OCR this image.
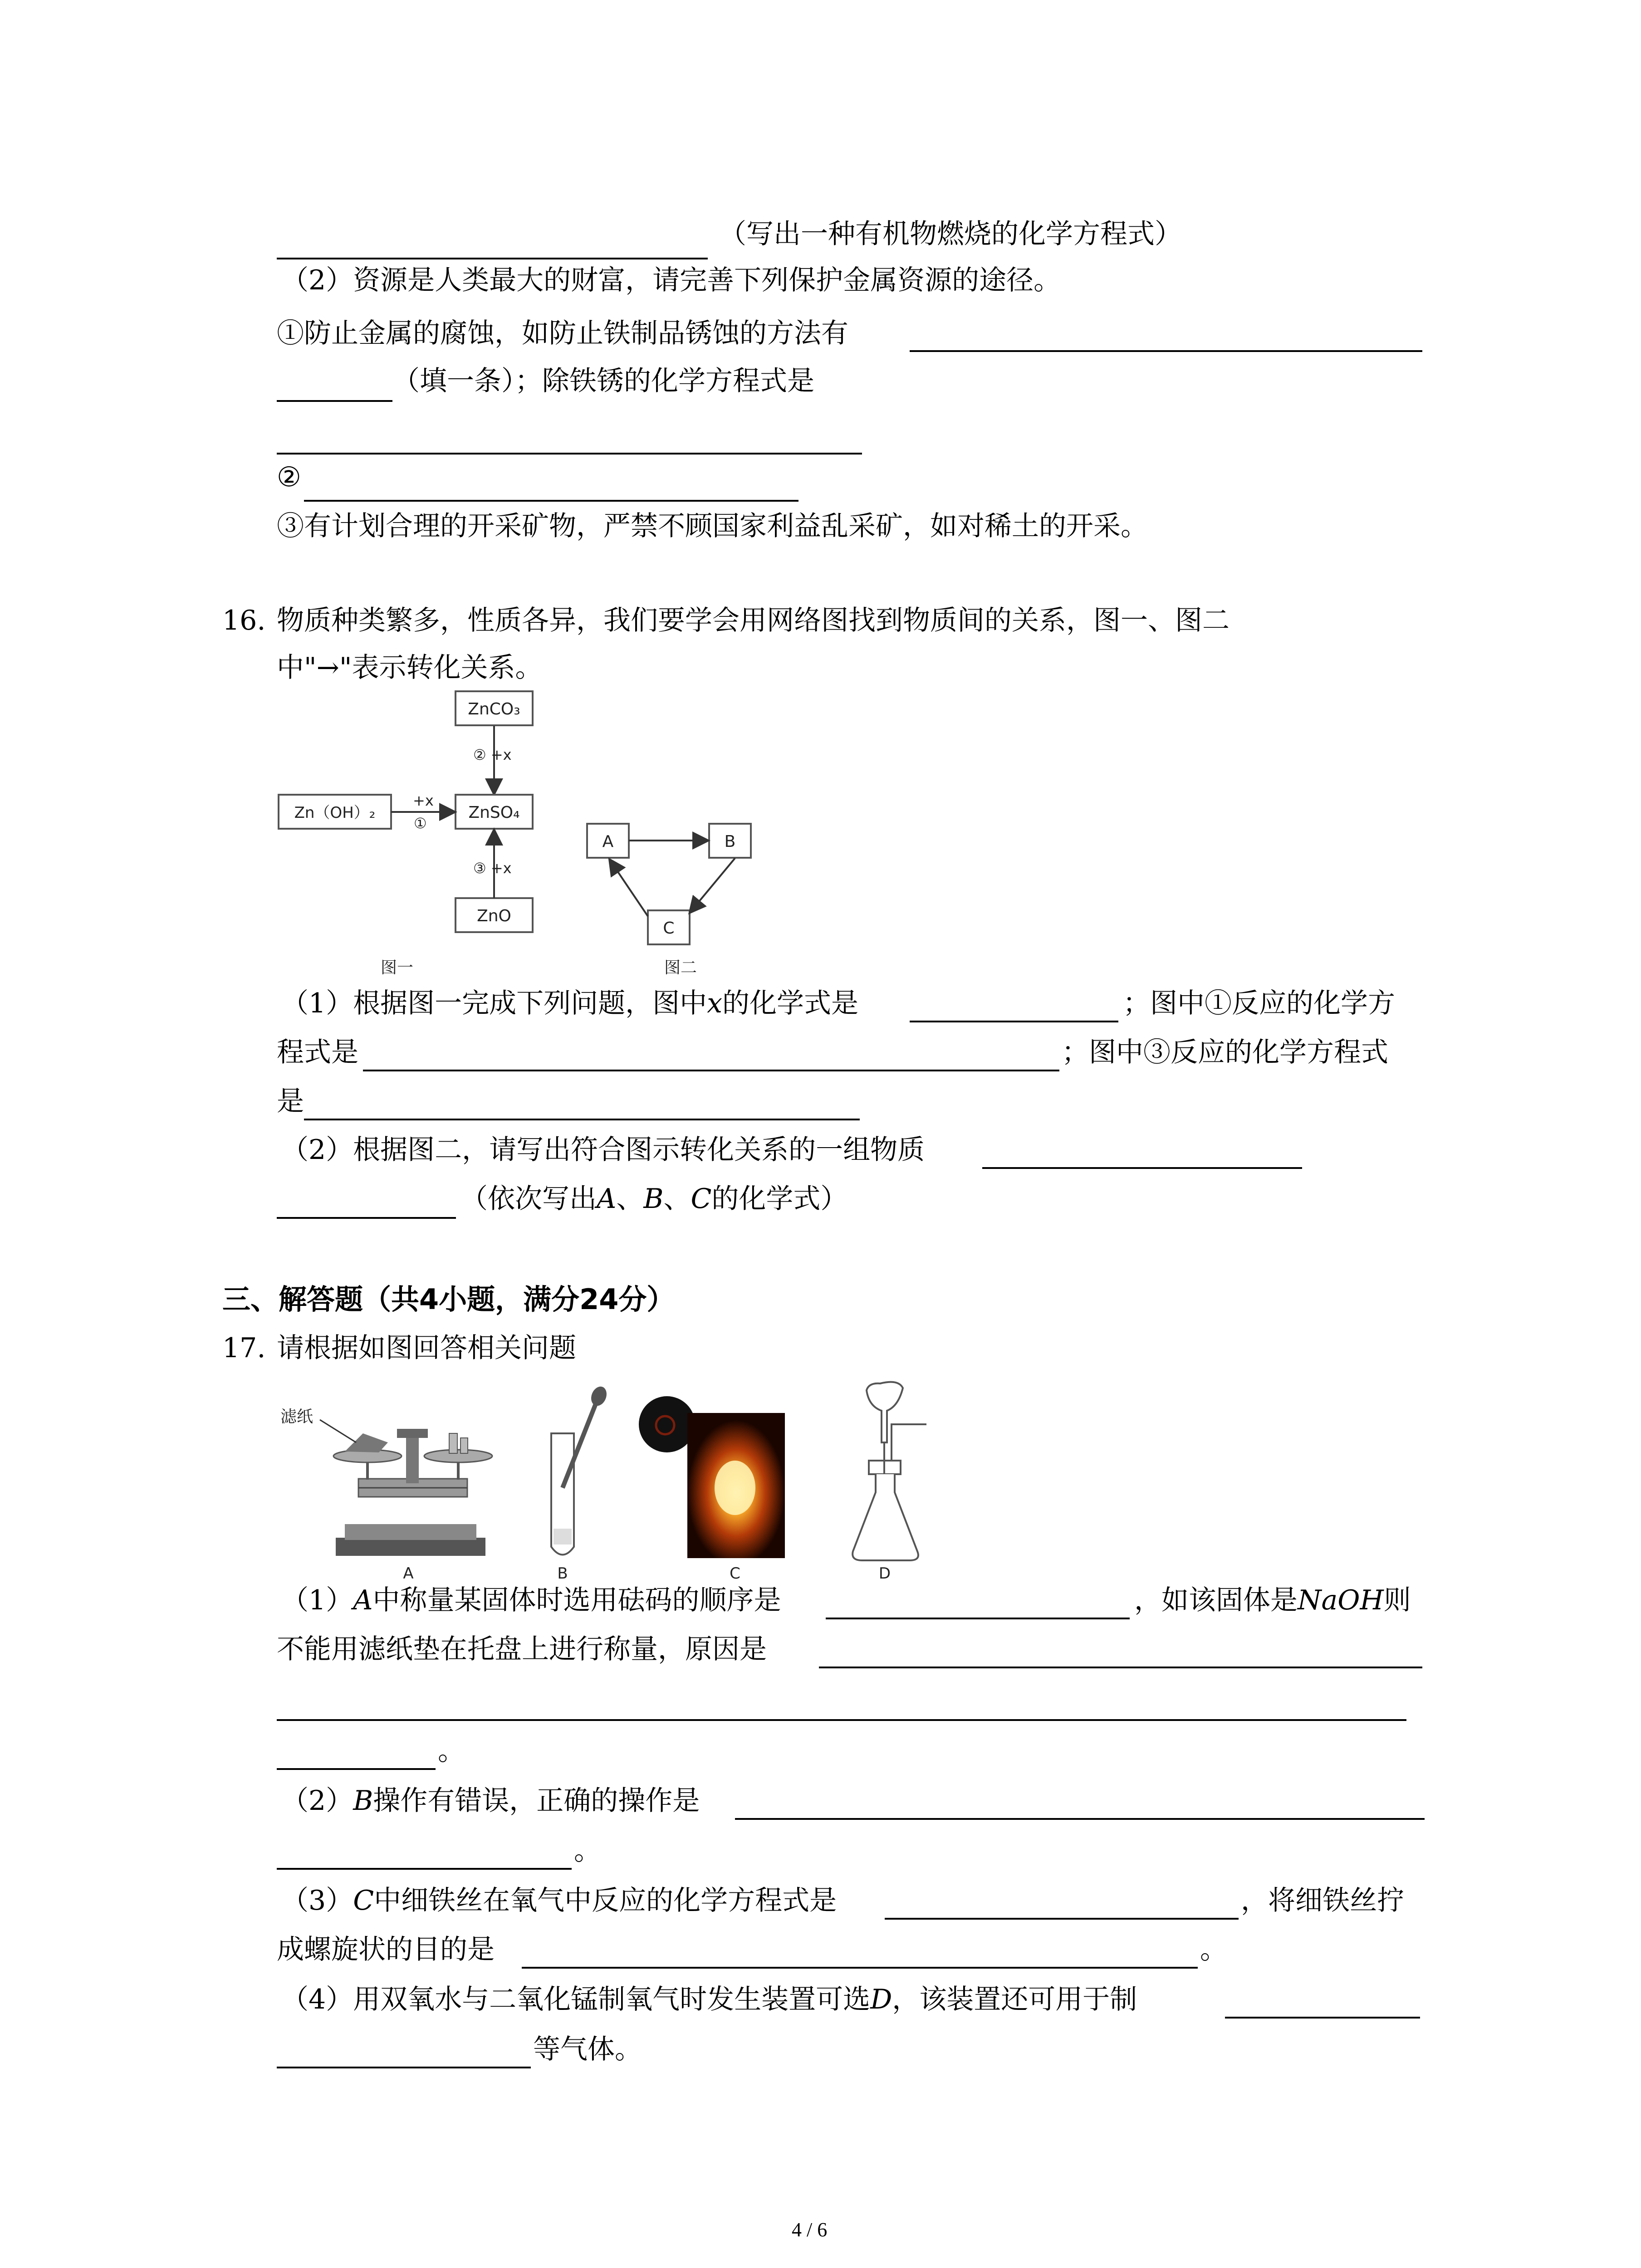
（写出一种有机物燃烧的化学方程式）
（2）资源是人类最大的财富，请完善下列保护金属资源的途径。
①防止金属的腐蚀，如防止铁制品锈蚀的方法有
（填一条）；除铁锈的化学方程式是
②
③有计划合理的开采矿物，严禁不顾国家利益乱采矿，如对稀土的开采。
16. 物质种类繁多，性质各异，我们要学会用网络图找到物质间的关系，图一、图二
中"→"表示转化关系。
ZnCO₃
② +x
ZnSO₄
Zn（OH）₂
+x
①
ZnO
③ +x
图一
A	B
C
图二
（1）根据图一完成下列问题，图中x的化学式是	；图中①反应的化学方
程式是	；图中③反应的化学方程式
是
（2）根据图二，请写出符合图示转化关系的一组物质
（依次写出A、B、C的化学式）
三、解答题（共4小题，满分24分）
17. 请根据如图回答相关问题
滤纸
A	B	C	D
（1）A中称量某固体时选用砝码的顺序是	，如该固体是NaOH则
不能用滤纸垫在托盘上进行称量，原因是
。
（2）B操作有错误，正确的操作是
。
（3）C中细铁丝在氧气中反应的化学方程式是	，将细铁丝拧
成螺旋状的目的是	。
（4）用双氧水与二氧化锰制氧气时发生装置可选D，该装置还可用于制
等气体。
4 / 6
